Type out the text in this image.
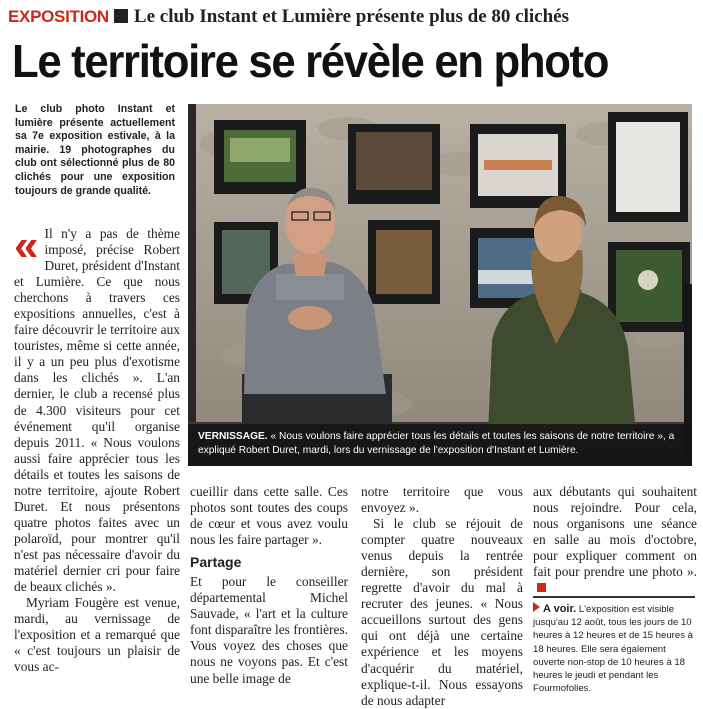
EXPOSITION Le club Instant et Lumière présente plus de 80 clichés
Le territoire se révèle en photo
Le club photo Instant et lumière présente actuellement sa 7e exposition estivale, à la mairie. 19 photographes du club ont sélectionné plus de 80 clichés pour une exposition toujours de grande qualité.
« Il n'y a pas de thème imposé, précise Robert Duret, président d'Instant et Lumière. Ce que nous cherchons à travers ces expositions annuelles, c'est à faire découvrir le territoire aux touristes, même si cette année, il y a un peu plus d'exotisme dans les clichés ». L'an dernier, le club a recensé plus de 4.300 visiteurs pour cet événement qu'il organise depuis 2011. « Nous voulons aussi faire apprécier tous les détails et toutes les saisons de notre territoire, ajoute Robert Duret. Et nous présentons quatre photos faites avec un polaroïd, pour montrer qu'il n'est pas nécessaire d'avoir du matériel dernier cri pour faire de beaux clichés ».

Myriam Fougère est venue, mardi, au vernissage de l'exposition et a remarqué que « c'est toujours un plaisir de vous ac-

VERNISSAGE. « Nous voulons faire apprécier tous les détails et toutes les saisons de notre territoire », a expliqué Robert Duret, mardi, lors du vernissage de l'exposition d'Instant et Lumière.

cueillir dans cette salle. Ces photos sont toutes des coups de cœur et vous avez voulu nous les faire partager ».

Partage

Et pour le conseiller départemental Michel Sauvade, « l'art et la culture font disparaître les frontières. Vous voyez des choses que nous ne voyons pas. Et c'est une belle image de

notre territoire que vous envoyez ».

Si le club se réjouit de compter quatre nouveaux venus depuis la rentrée dernière, son président regrette d'avoir du mal à recruter des jeunes. « Nous accueillons surtout des gens qui ont déjà une certaine expérience et les moyens d'acquérir du matériel, explique-t-il. Nous essayons de nous adapter

aux débutants qui souhaitent nous rejoindre. Pour cela, nous organisons une séance en salle au mois d'octobre, pour expliquer comment on fait pour prendre une photo ».

A voir. L'exposition est visible jusqu'au 12 août, tous les jours de 10 heures à 12 heures et de 15 heures à 18 heures. Elle sera également ouverte non-stop de 10 heures à 18 heures le jeudi et pendant les Fourmofolies.
